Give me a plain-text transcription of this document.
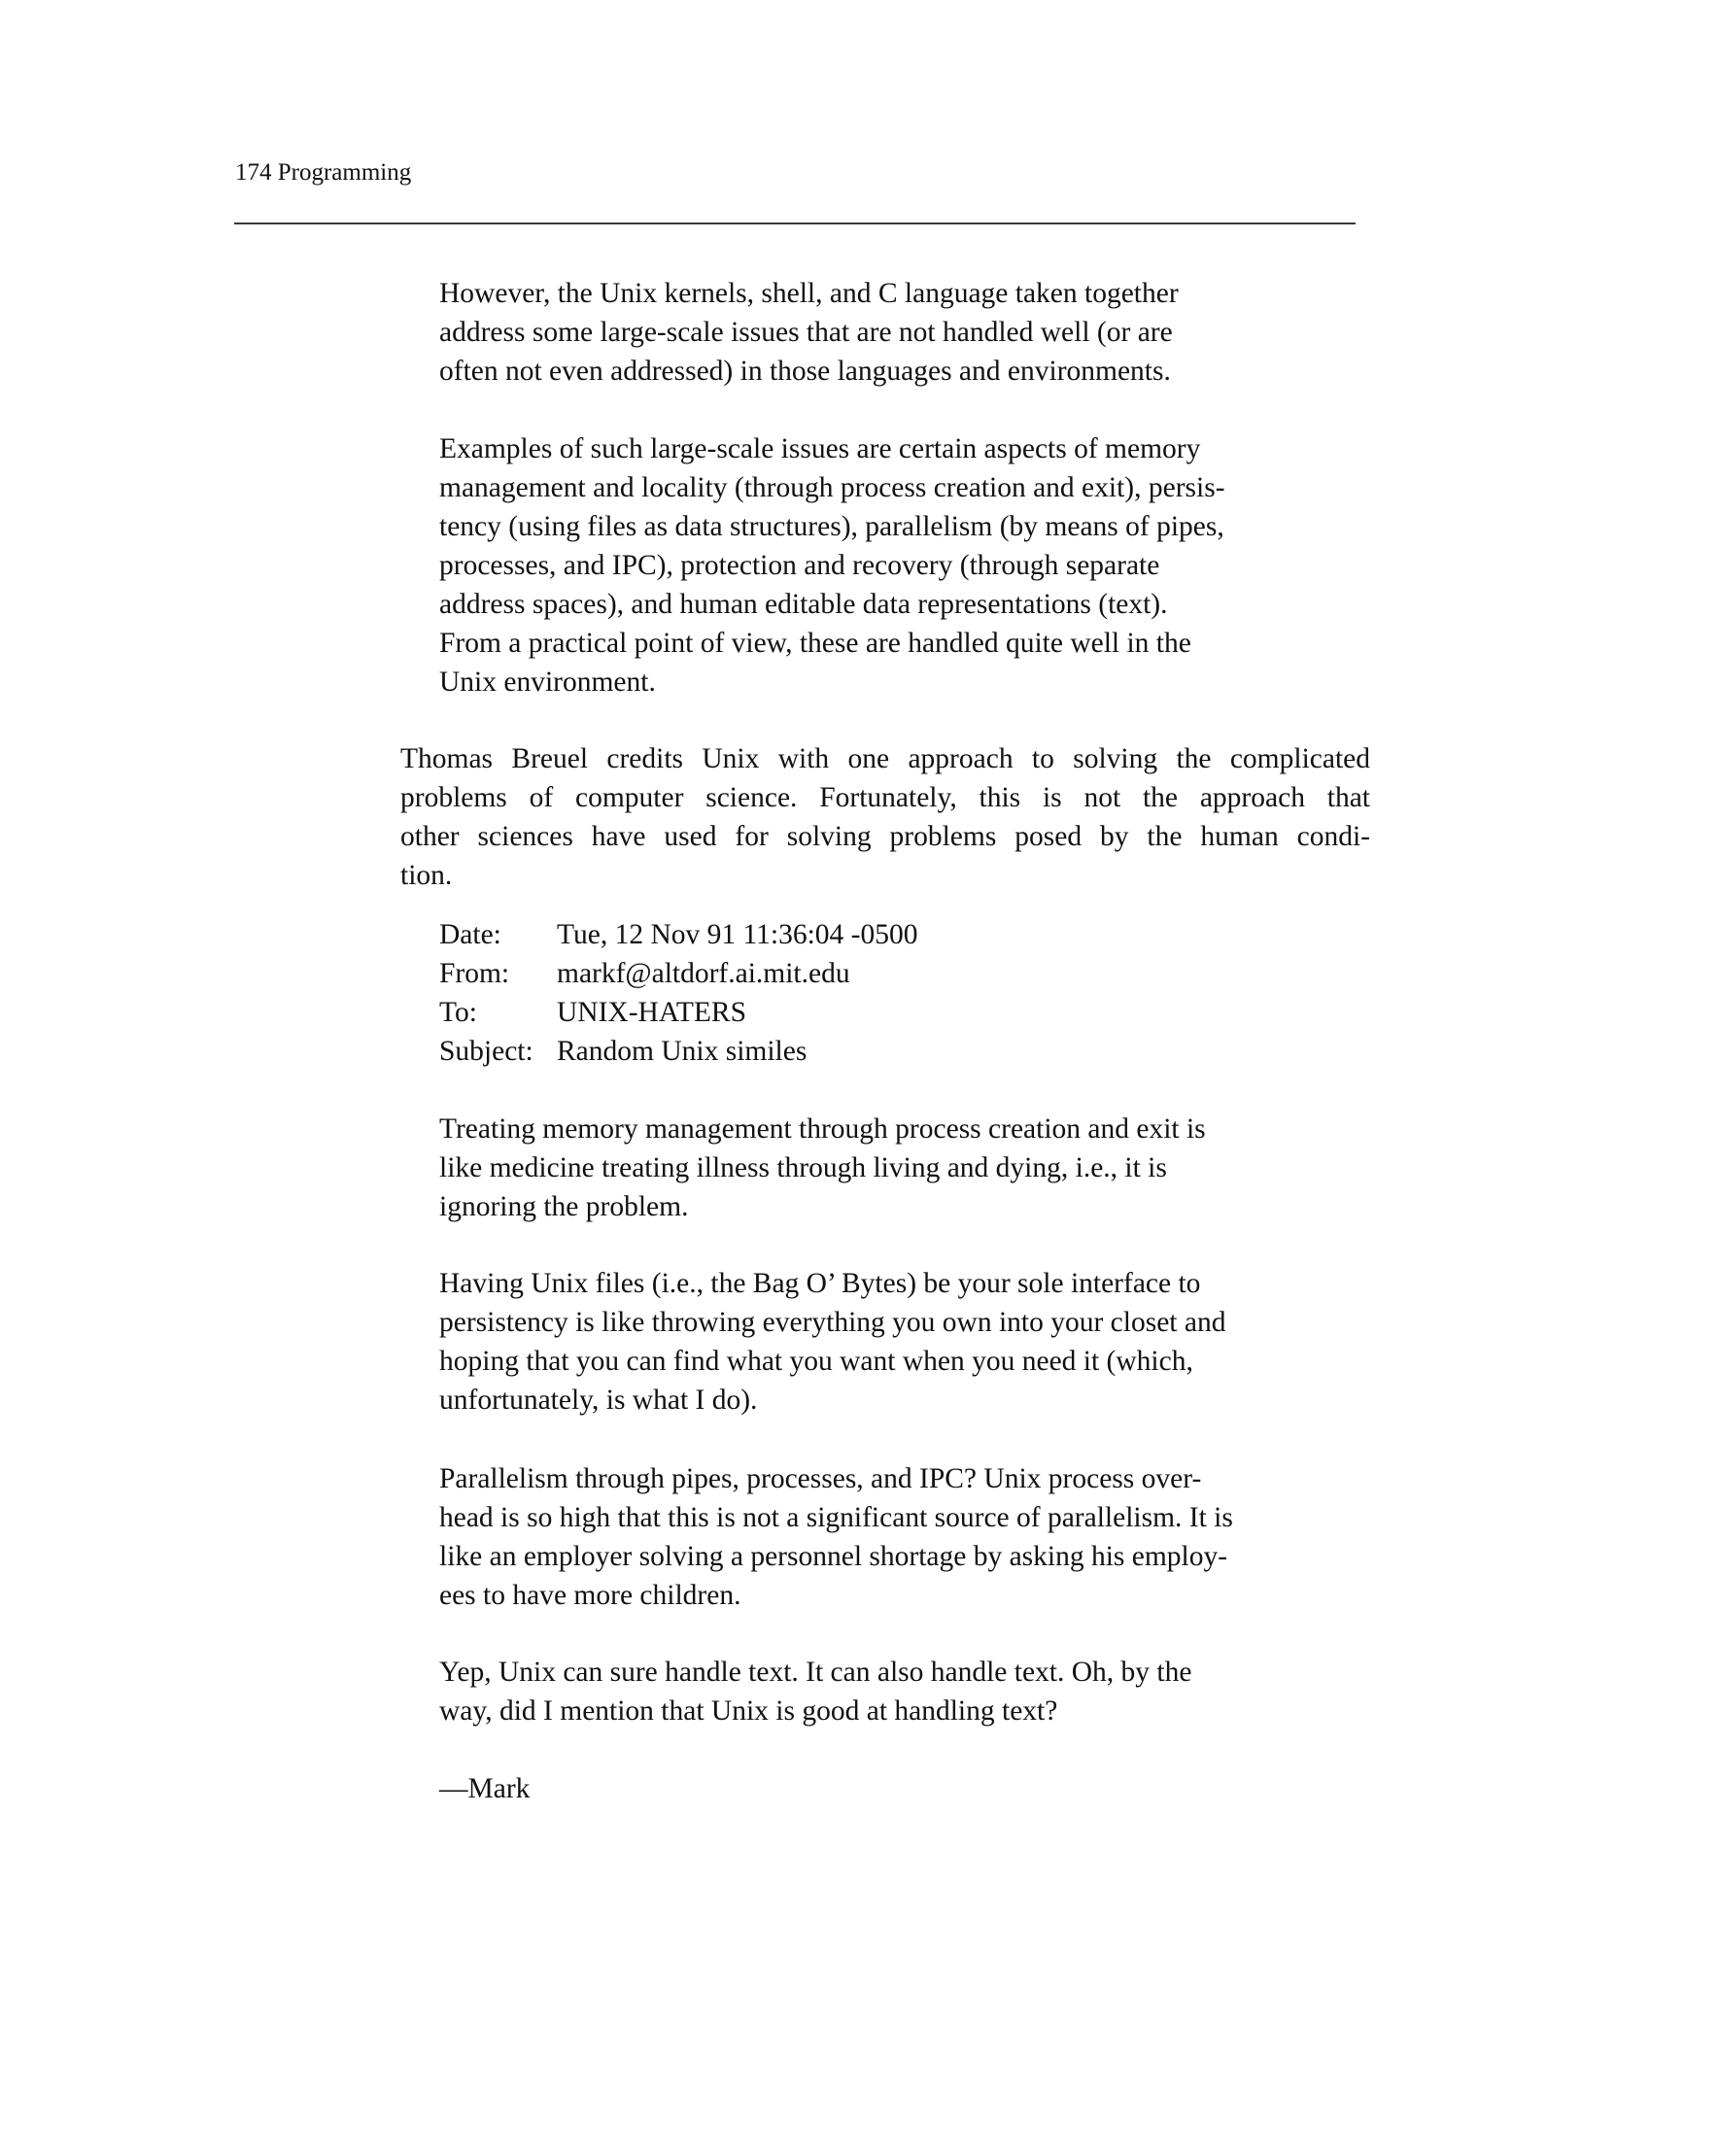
174 Programming
However, the Unix kernels, shell, and C language taken together
address some large-scale issues that are not handled well (or are
often not even addressed) in those languages and environments.
Examples of such large-scale issues are certain aspects of memory
management and locality (through process creation and exit), persis-
tency (using files as data structures), parallelism (by means of pipes,
processes, and IPC), protection and recovery (through separate
address spaces), and human editable data representations (text).
From a practical point of view, these are handled quite well in the
Unix environment.
Thomas Breuel credits Unix with one approach to solving the complicated
problems of computer science. Fortunately, this is not the approach that
other sciences have used for solving problems posed by the human condi-
tion.
Date: Tue, 12 Nov 91 11:36:04 -0500
From: markf@altdorf.ai.mit.edu
To:	UNIX-HATERS
Subject: Random Unix similes
Treating memory management through process creation and exit is
like medicine treating illness through living and dying, i.e., it is
ignoring the problem.
Having Unix files (i.e., the Bag O’ Bytes) be your sole interface to
persistency is like throwing everything you own into your closet and
hoping that you can find what you want when you need it (which,
unfortunately, is what I do).
Parallelism through pipes, processes, and IPC? Unix process over-
head is so high that this is not a significant source of parallelism. It is
like an employer solving a personnel shortage by asking his employ-
ees to have more children.
Yep, Unix can sure handle text. It can also handle text. Oh, by the
way, did I mention that Unix is good at handling text?
—Mark
